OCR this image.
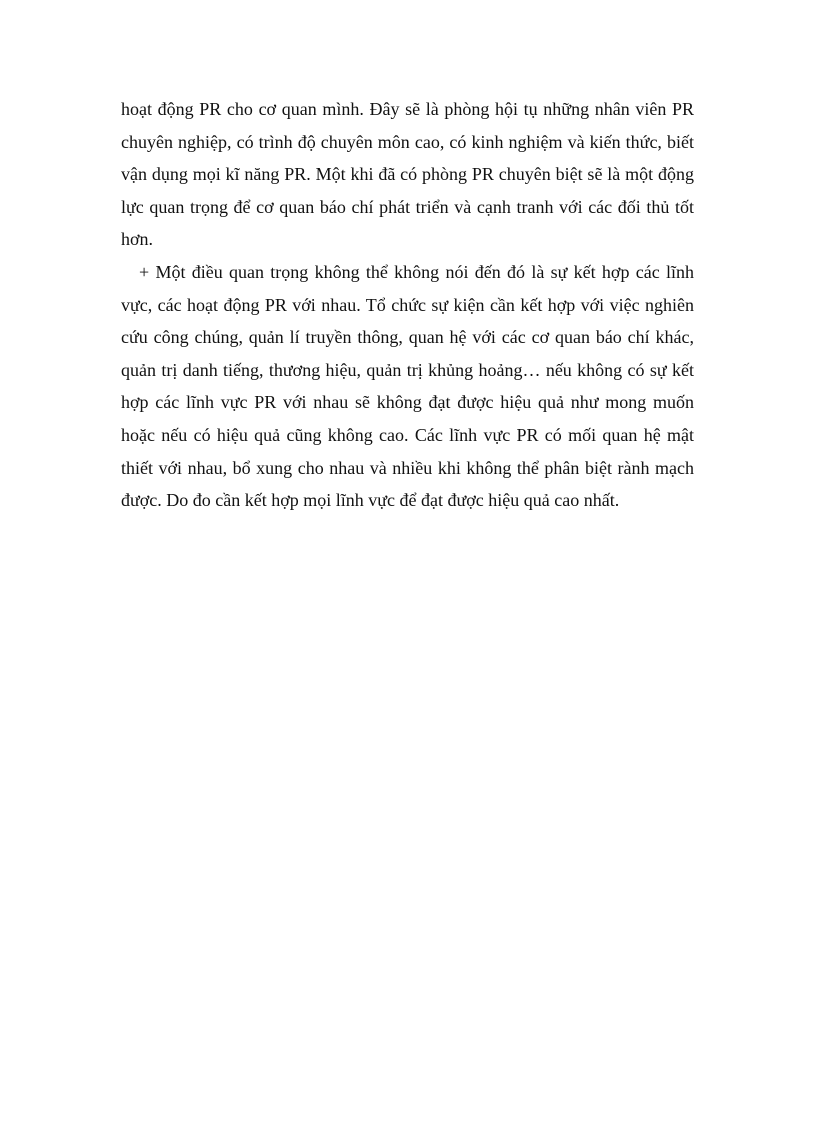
hoạt động PR cho cơ quan mình. Đây sẽ là phòng hội tụ những nhân viên PR chuyên nghiệp, có trình độ chuyên môn cao, có kinh nghiệm và kiến thức, biết vận dụng mọi kĩ năng PR. Một khi đã có phòng PR chuyên biệt sẽ là một động lực quan trọng để cơ quan báo chí phát triển và cạnh tranh với các đối thủ tốt hơn.

+ Một điều quan trọng không thể không nói đến đó là sự kết hợp các lĩnh vực, các hoạt động PR với nhau. Tổ chức sự kiện cần kết hợp với việc nghiên cứu công chúng, quản lí truyền thông, quan hệ với các cơ quan báo chí khác, quản trị danh tiếng, thương hiệu, quản trị khủng hoảng… nếu không có sự kết hợp các lĩnh vực PR với nhau sẽ không đạt được hiệu quả như mong muốn hoặc nếu có hiệu quả cũng không cao. Các lĩnh vực PR có mối quan hệ mật thiết với nhau, bổ xung cho nhau và nhiều khi không thể phân biệt rành mạch được. Do đo cần kết hợp mọi lĩnh vực để đạt được hiệu quả cao nhất.
